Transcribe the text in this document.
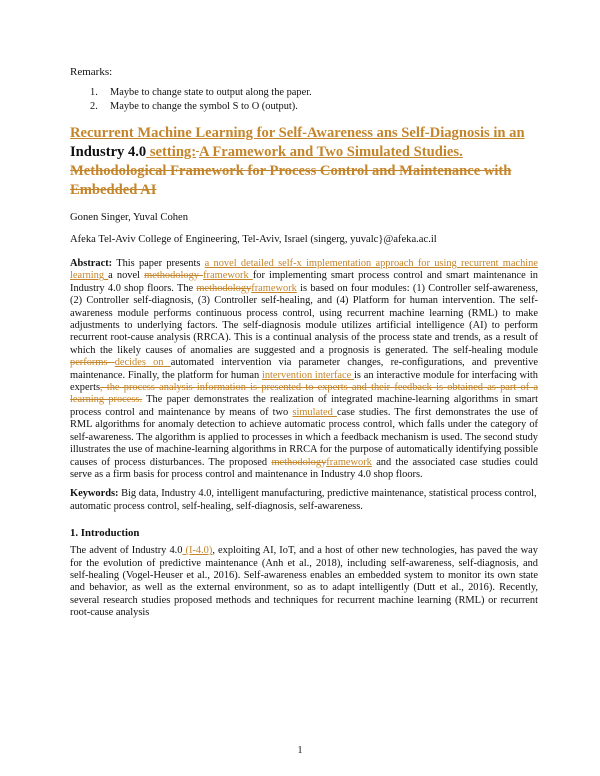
Remarks:
1. Maybe to change state to output along the paper.
2. Maybe to change the symbol S to O (output).
Recurrent Machine Learning for Self-Awareness ans Self-Diagnosis in an Industry 4.0 setting: A Framework and Two Simulated Studies. Methodological Framework for Process Control and Maintenance with Embedded AI
Gonen Singer, Yuval Cohen
Afeka Tel-Aviv College of Engineering, Tel-Aviv, Israel (singerg, yuvalc}@afeka.ac.il

Abstract: This paper presents a novel detailed self-x implementation approach for using recurrent machine learning a novel methodology framework for implementing smart process control and smart maintenance in Industry 4.0 shop floors. The methodologyframework is based on four modules: (1) Controller self-awareness, (2) Controller self-diagnosis, (3) Controller self-healing, and (4) Platform for human intervention. The self-awareness module performs continuous process control, using recurrent machine learning (RML) to make adjustments to underlying factors. The self-diagnosis module utilizes artificial intelligence (AI) to perform recurrent root-cause analysis (RRCA). This is a continual analysis of the process state and trends, as a result of which the likely causes of anomalies are suggested and a prognosis is generated. The self-healing module performs decides on automated intervention via parameter changes, re-configurations, and preventive maintenance. Finally, the platform for human intervention interface is an interactive module for interfacing with experts, the process analysis information is presented to experts and their feedback is obtained as part of a learning process. The paper demonstrates the realization of integrated machine-learning algorithms in smart process control and maintenance by means of two simulated case studies. The first demonstrates the use of RML algorithms for anomaly detection to achieve automatic process control, which falls under the category of self-awareness. The algorithm is applied to processes in which a feedback mechanism is used. The second study illustrates the use of machine-learning algorithms in RRCA for the purpose of automatically identifying possible causes of process disturbances. The proposed methodologyframework and the associated case studies could serve as a firm basis for process control and maintenance in Industry 4.0 shop floors.

Keywords: Big data, Industry 4.0, intelligent manufacturing, predictive maintenance, statistical process control, automatic process control, self-healing, self-diagnosis, self-awareness.

1. Introduction

The advent of Industry 4.0 (I-4.0), exploiting AI, IoT, and a host of other new technologies, has paved the way for the evolution of predictive maintenance (Anh et al., 2018), including self-awareness, self-diagnosis, and self-healing (Vogel-Heuser et al., 2016). Self-awareness enables an embedded system to monitor its own state and behavior, as well as the external environment, so as to adapt intelligently (Dutt et al., 2016). Recently, several research studies proposed methods and techniques for recurrent machine learning (RML) or recurrent root-cause analysis

1
